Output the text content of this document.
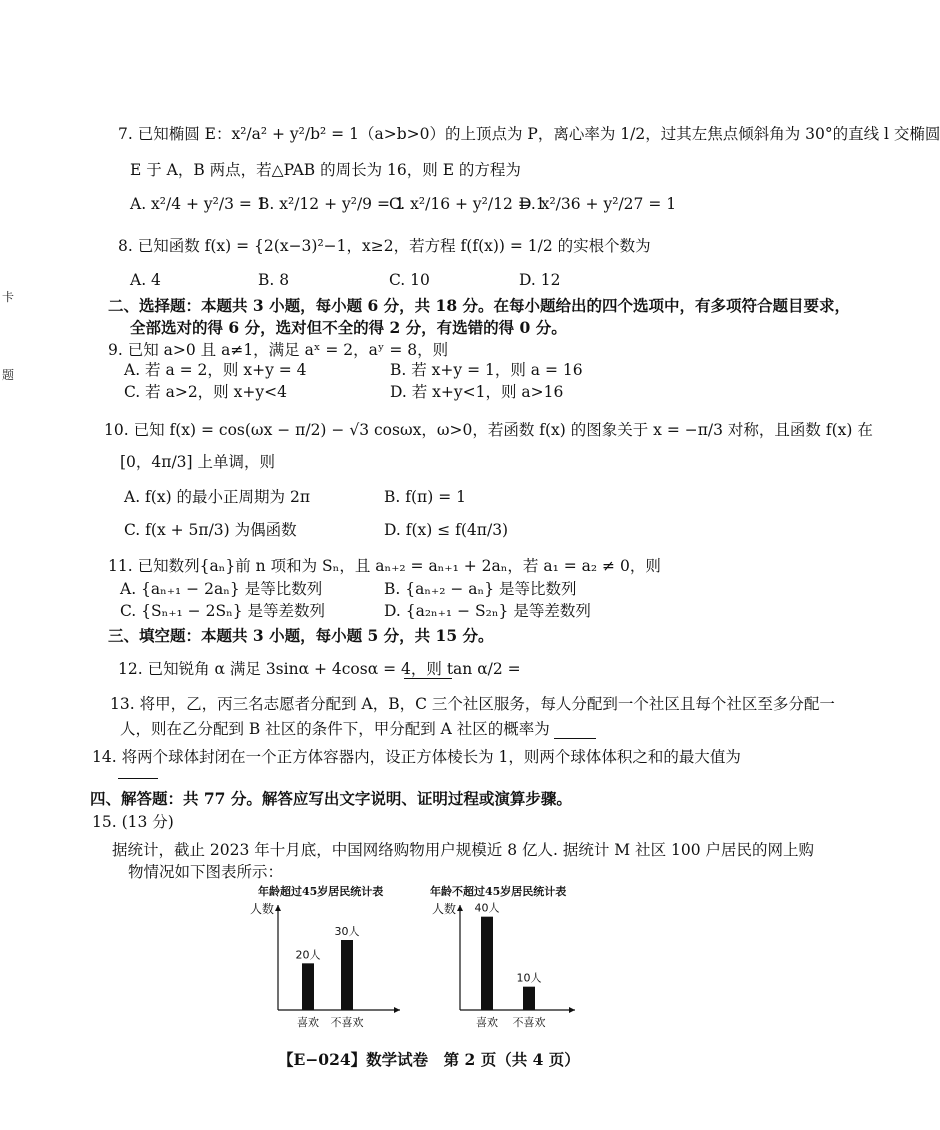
卡
题
7. 已知椭圆 E：x²/a² + y²/b² = 1（a>b>0）的上顶点为 P，离心率为 1/2，过其左焦点倾斜角为 30°的直线 l 交椭圆
E 于 A，B 两点，若△PAB 的周长为 16，则 E 的方程为
A. x²/4 + y²/3 = 1
B. x²/12 + y²/9 = 1
C. x²/16 + y²/12 = 1
D. x²/36 + y²/27 = 1
8. 已知函数 f(x) = {2(x−3)²−1，x≥2，若方程 f(f(x)) = 1/2 的实根个数为
A. 4	B. 8	C. 10	D. 12
二、选择题：本题共 3 小题，每小题 6 分，共 18 分。在每小题给出的四个选项中，有多项符合题目要求，
全部选对的得 6 分，选对但不全的得 2 分，有选错的得 0 分。
9. 已知 a>0 且 a≠1，满足 aˣ = 2，aʸ = 8，则
A. 若 a = 2，则 x+y = 4	B. 若 x+y = 1，则 a = 16
C. 若 a>2，则 x+y<4	D. 若 x+y<1，则 a>16
10. 已知 f(x) = cos(ωx − π/2) − √3 cosωx，ω>0，若函数 f(x) 的图象关于 x = −π/3 对称，且函数 f(x) 在
[0，4π/3] 上单调，则
A. f(x) 的最小正周期为 2π	B. f(π) = 1
C. f(x + 5π/3) 为偶函数	D. f(x) ≤ f(4π/3)
11. 已知数列{aₙ}前 n 项和为 Sₙ，且 aₙ₊₂ = aₙ₊₁ + 2aₙ，若 a₁ = a₂ ≠ 0，则
A. {aₙ₊₁ − 2aₙ} 是等比数列	B. {aₙ₊₂ − aₙ} 是等比数列
C. {Sₙ₊₁ − 2Sₙ} 是等差数列	D. {a₂ₙ₊₁ − S₂ₙ} 是等差数列
三、填空题：本题共 3 小题，每小题 5 分，共 15 分。
12. 已知锐角 α 满足 3sinα + 4cosα = 4，则 tan α/2 =
13. 将甲，乙，丙三名志愿者分配到 A，B，C 三个社区服务，每人分配到一个社区且每个社区至多分配一
人，则在乙分配到 B 社区的条件下，甲分配到 A 社区的概率为
14. 将两个球体封闭在一个正方体容器内，设正方体棱长为 1，则两个球体体积之和的最大值为
四、解答题：共 77 分。解答应写出文字说明、证明过程或演算步骤。
15. (13 分)
据统计，截止 2023 年十月底，中国网络购物用户规模近 8 亿人. 据统计 M 社区 100 户居民的网上购
物情况如下图表所示：
年龄超过45岁居民统计表	年龄不超过45岁居民统计表
人数
20人
喜欢
30人
不喜欢
人数 40人
喜欢
10人
不喜欢
【E−024】数学试卷　第 2 页（共 4 页）
